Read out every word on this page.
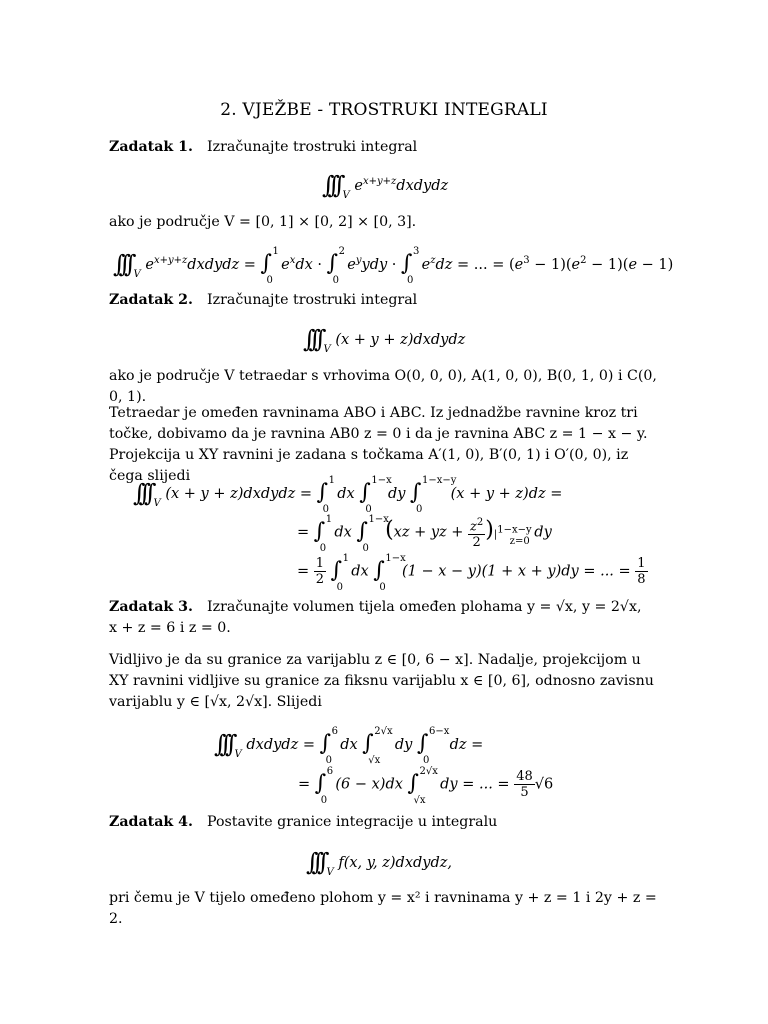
2. VJEŽBE - TROSTRUKI INTEGRALI
Zadatak 1. Izračunajte trostruki integral
∫∫∫ $_V$ $e^{x+y+z}dxdydz$
ako je područje V = [0, 1] × [0, 2] × [0, 3].
∫∫∫ $_V$ $e^{x+y+z}dxdydz$ = ∫ 1
0
$e^xdx$ · ∫ 2
0
$e^yydy$ · ∫ 3
0
$e^zdz$ = ... = $(e^3 - 1)(e^2 - 1)(e - 1)$
Zadatak 2. Izračunajte trostruki integral
∫∫∫ $_V$ (x + y + z)dxdydz
ako je područje V tetraedar s vrhovima O(0, 0, 0), A(1, 0, 0), B(0, 1, 0) i C(0, 0, 1).
Tetraedar je omeđen ravninama ABO i ABC. Iz jednadžbe ravnine kroz tri točke, dobivamo da je ravnina AB0 z = 0 i da je ravnina ABC z = 1 − x − y. Projekcija u XY ravnini je zadana s točkama A′(1, 0), B′(0, 1) i O′(0, 0), iz čega slijedi
∫∫∫ $_V$ (x + y + z)dxdydz = ∫ 1
0
dx ∫ 1−x
0
dy ∫ 1−x−y
0
(x + y + z)dz =
= ∫ 1
0
dx ∫ 1−x
0
(xz + yz + $\frac{z^2}{2} )|^{1-x-y}_{z=0}$ dy
= $\frac{1}{2}$
∫ 1
0
dx ∫ 1−x
0
(1 − x − y)(1 + x + y)dy = ... = $\frac{1}{8}$
Zadatak 3. Izračunajte volumen tijela omeđen plohama y = √x, y = 2√x,
x + z = 6 i z = 0.
Vidljivo je da su granice za varijablu z ∈ [0, 6 − x]. Nadalje, projekcijom u XY ravnini vidljive su granice za fiksnu varijablu x ∈ [0, 6], odnosno zavisnu varijablu y ∈ [√x, 2√x]. Slijedi
∫∫∫ $_V$ dxdydz = ∫ 6
0
dx ∫ 2√x
√x
dy ∫ 6−x
0
dz =
= ∫ 6
0
(6 − x)dx ∫ 2√x
√x
dy = ... = $\frac{48}{5} √6$
Zadatak 4. Postavite granice integracije u integralu
∫∫∫ $_V$ f(x, y, z)dxdydz,
pri čemu je V tijelo omeđeno plohom y = x² i ravninama y + z = 1 i 2y + z = 2.
